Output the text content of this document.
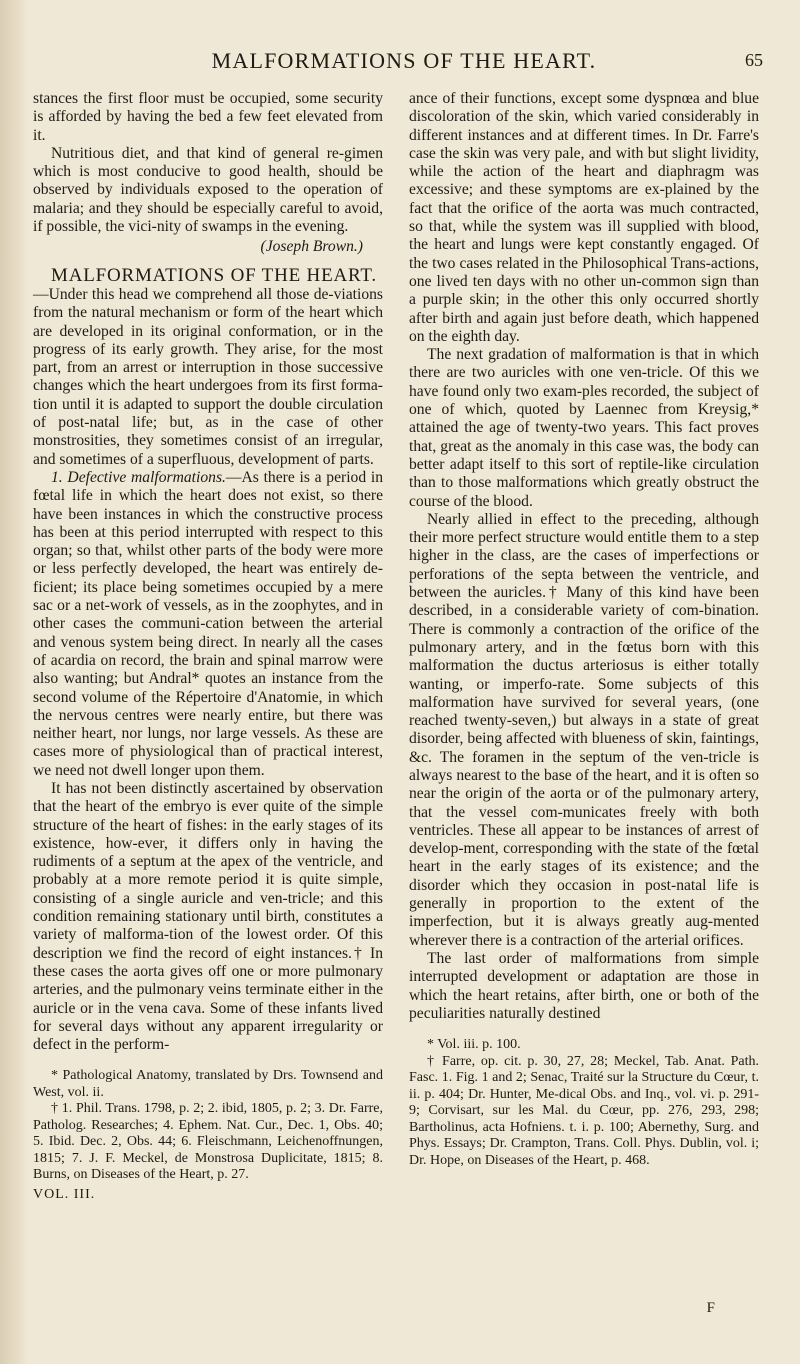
MALFORMATIONS OF THE HEART.	65

stances the first floor must be occupied, some security is afforded by having the bed a few feet elevated from it.

Nutritious diet, and that kind of general re-gimen which is most conducive to good health, should be observed by individuals exposed to the operation of malaria; and they should be especially careful to avoid, if possible, the vici-nity of swamps in the evening.

(Joseph Brown.)

MALFORMATIONS OF THE HEART.

—Under this head we comprehend all those de-viations from the natural mechanism or form of the heart which are developed in its original conformation, or in the progress of its early growth. They arise, for the most part, from an arrest or interruption in those successive changes which the heart undergoes from its first forma-tion until it is adapted to support the double circulation of post-natal life; but, as in the case of other monstrosities, they sometimes consist of an irregular, and sometimes of a superfluous, development of parts.

1. Defective malformations.—As there is a period in fœtal life in which the heart does not exist, so there have been instances in which the constructive process has been at this period interrupted with respect to this organ; so that, whilst other parts of the body were more or less perfectly developed, the heart was entirely de-ficient; its place being sometimes occupied by a mere sac or a net-work of vessels, as in the zoophytes, and in other cases the communi-cation between the arterial and venous system being direct. In nearly all the cases of acardia on record, the brain and spinal marrow were also wanting; but Andral* quotes an instance from the second volume of the Répertoire d'Anatomie, in which the nervous centres were nearly entire, but there was neither heart, nor lungs, nor large vessels. As these are cases more of physiological than of practical interest, we need not dwell longer upon them.

It has not been distinctly ascertained by observation that the heart of the embryo is ever quite of the simple structure of the heart of fishes: in the early stages of its existence, how-ever, it differs only in having the rudiments of a septum at the apex of the ventricle, and probably at a more remote period it is quite simple, consisting of a single auricle and ven-tricle; and this condition remaining stationary until birth, constitutes a variety of malforma-tion of the lowest order. Of this description we find the record of eight instances.† In these cases the aorta gives off one or more pulmonary arteries, and the pulmonary veins terminate either in the auricle or in the vena cava. Some of these infants lived for several days without any apparent irregularity or defect in the perform-

* Pathological Anatomy, translated by Drs. Townsend and West, vol. ii.

† 1. Phil. Trans. 1798, p. 2; 2. ibid, 1805, p. 2; 3. Dr. Farre, Patholog. Researches; 4. Ephem. Nat. Cur., Dec. 1, Obs. 40; 5. Ibid. Dec. 2, Obs. 44; 6. Fleischmann, Leichenoffnungen, 1815; 7. J. F. Meckel, de Monstrosa Duplicitate, 1815; 8. Burns, on Diseases of the Heart, p. 27.

VOL. III.

ance of their functions, except some dyspnœa and blue discoloration of the skin, which varied considerably in different instances and at different times. In Dr. Farre's case the skin was very pale, and with but slight lividity, while the action of the heart and diaphragm was excessive; and these symptoms are ex-plained by the fact that the orifice of the aorta was much contracted, so that, while the system was ill supplied with blood, the heart and lungs were kept constantly engaged. Of the two cases related in the Philosophical Trans-actions, one lived ten days with no other un-common sign than a purple skin; in the other this only occurred shortly after birth and again just before death, which happened on the eighth day.

The next gradation of malformation is that in which there are two auricles with one ven-tricle. Of this we have found only two exam-ples recorded, the subject of one of which, quoted by Laennec from Kreysig,* attained the age of twenty-two years. This fact proves that, great as the anomaly in this case was, the body can better adapt itself to this sort of reptile-like circulation than to those malformations which greatly obstruct the course of the blood.

Nearly allied in effect to the preceding, although their more perfect structure would entitle them to a step higher in the class, are the cases of imperfections or perforations of the septa between the ventricle, and between the auricles.† Many of this kind have been described, in a considerable variety of com-bination. There is commonly a contraction of the orifice of the pulmonary artery, and in the fœtus born with this malformation the ductus arteriosus is either totally wanting, or imperfo-rate. Some subjects of this malformation have survived for several years, (one reached twenty-seven,) but always in a state of great disorder, being affected with blueness of skin, faintings, &c. The foramen in the septum of the ven-tricle is always nearest to the base of the heart, and it is often so near the origin of the aorta or of the pulmonary artery, that the vessel com-municates freely with both ventricles. These all appear to be instances of arrest of develop-ment, corresponding with the state of the fœtal heart in the early stages of its existence; and the disorder which they occasion in post-natal life is generally in proportion to the extent of the imperfection, but it is always greatly aug-mented wherever there is a contraction of the arterial orifices.

The last order of malformations from simple interrupted development or adaptation are those in which the heart retains, after birth, one or both of the peculiarities naturally destined

* Vol. iii. p. 100.

† Farre, op. cit. p. 30, 27, 28; Meckel, Tab. Anat. Path. Fasc. 1. Fig. 1 and 2; Senac, Traité sur la Structure du Cœur, t. ii. p. 404; Dr. Hunter, Me-dical Obs. and Inq., vol. vi. p. 291-9; Corvisart, sur les Mal. du Cœur, pp. 276, 293, 298; Bartholinus, acta Hofniens. t. i. p. 100; Abernethy, Surg. and Phys. Essays; Dr. Crampton, Trans. Coll. Phys. Dublin, vol. i; Dr. Hope, on Diseases of the Heart, p. 468.

F
